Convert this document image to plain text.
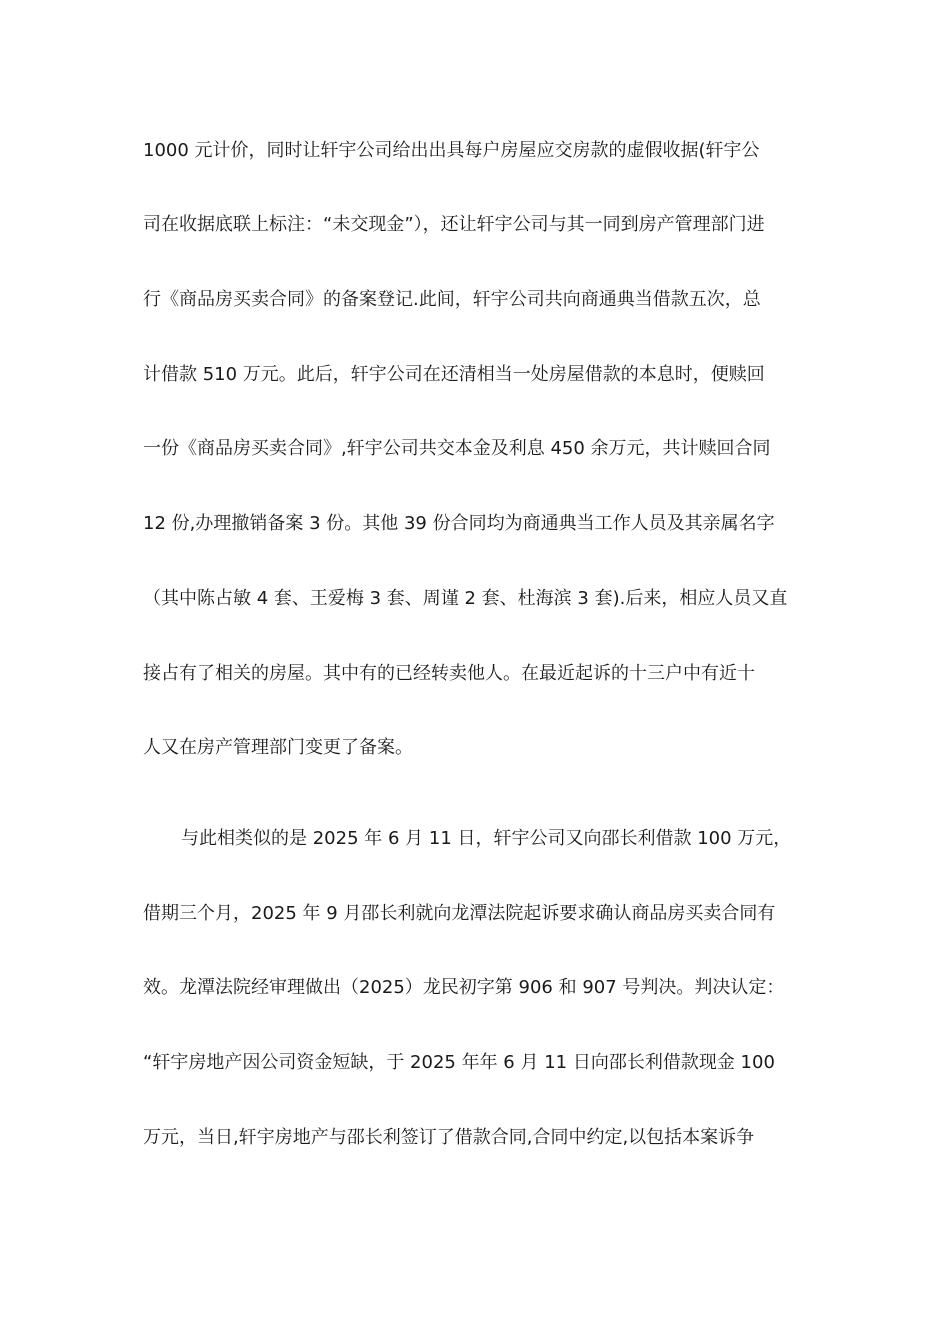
1000 元计价，同时让轩宇公司给出出具每户房屋应交房款的虚假收据(轩宇公
司在收据底联上标注：“未交现金”），还让轩宇公司与其一同到房产管理部门进
行《商品房买卖合同》的备案登记.此间，轩宇公司共向商通典当借款五次，总
计借款 510 万元。此后，轩宇公司在还清相当一处房屋借款的本息时，便赎回
一份《商品房买卖合同》,轩宇公司共交本金及利息 450 余万元，共计赎回合同
12 份,办理撤销备案 3 份。其他 39 份合同均为商通典当工作人员及其亲属名字
（其中陈占敏 4 套、王爱梅 3 套、周谨 2 套、杜海滨 3 套).后来，相应人员又直
接占有了相关的房屋。其中有的已经转卖他人。在最近起诉的十三户中有近十
人又在房产管理部门变更了备案。
与此相类似的是 2025 年 6 月 11 日，轩宇公司又向邵长利借款 100 万元，
借期三个月，2025 年 9 月邵长利就向龙潭法院起诉要求确认商品房买卖合同有
效。龙潭法院经审理做出（2025）龙民初字第 906 和 907 号判决。判决认定：
“轩宇房地产因公司资金短缺，于 2025 年年 6 月 11 日向邵长利借款现金 100
万元，当日,轩宇房地产与邵长利签订了借款合同,合同中约定,以包括本案诉争
